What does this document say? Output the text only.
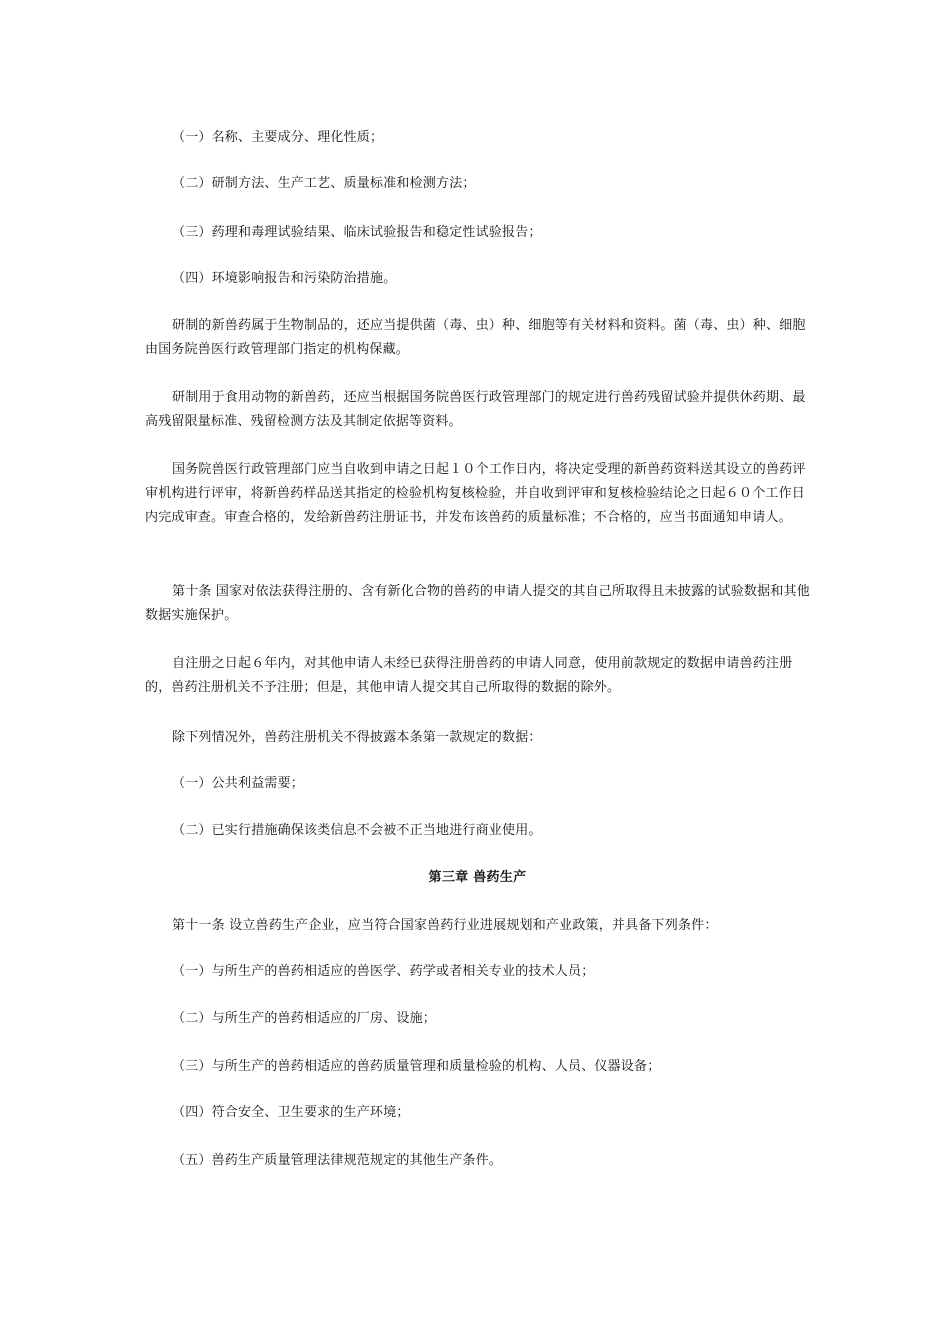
（一）名称、主要成分、理化性质；

（二）研制方法、生产工艺、质量标准和检测方法；

（三）药理和毒理试验结果、临床试验报告和稳定性试验报告；

（四）环境影响报告和污染防治措施。

研制的新兽药属于生物制品的，还应当提供菌（毒、虫）种、细胞等有关材料和资料。菌（毒、虫）种、细胞由国务院兽医行政管理部门指定的机构保藏。

研制用于食用动物的新兽药，还应当根据国务院兽医行政管理部门的规定进行兽药残留试验并提供休药期、最高残留限量标准、残留检测方法及其制定依据等资料。

国务院兽医行政管理部门应当自收到申请之日起１０个工作日内，将决定受理的新兽药资料送其设立的兽药评审机构进行评审，将新兽药样品送其指定的检验机构复核检验，并自收到评审和复核检验结论之日起６０个工作日内完成审查。审查合格的，发给新兽药注册证书，并发布该兽药的质量标准；不合格的，应当书面通知申请人。

第十条 国家对依法获得注册的、含有新化合物的兽药的申请人提交的其自己所取得且未披露的试验数据和其他数据实施保护。

自注册之日起６年内，对其他申请人未经已获得注册兽药的申请人同意，使用前款规定的数据申请兽药注册的，兽药注册机关不予注册；但是，其他申请人提交其自己所取得的数据的除外。

除下列情况外，兽药注册机关不得披露本条第一款规定的数据：

（一）公共利益需要；

（二）已实行措施确保该类信息不会被不正当地进行商业使用。

第三章 兽药生产

第十一条 设立兽药生产企业，应当符合国家兽药行业进展规划和产业政策，并具备下列条件：

（一）与所生产的兽药相适应的兽医学、药学或者相关专业的技术人员；

（二）与所生产的兽药相适应的厂房、设施；

（三）与所生产的兽药相适应的兽药质量管理和质量检验的机构、人员、仪器设备；

（四）符合安全、卫生要求的生产环境；

（五）兽药生产质量管理法律规范规定的其他生产条件。
